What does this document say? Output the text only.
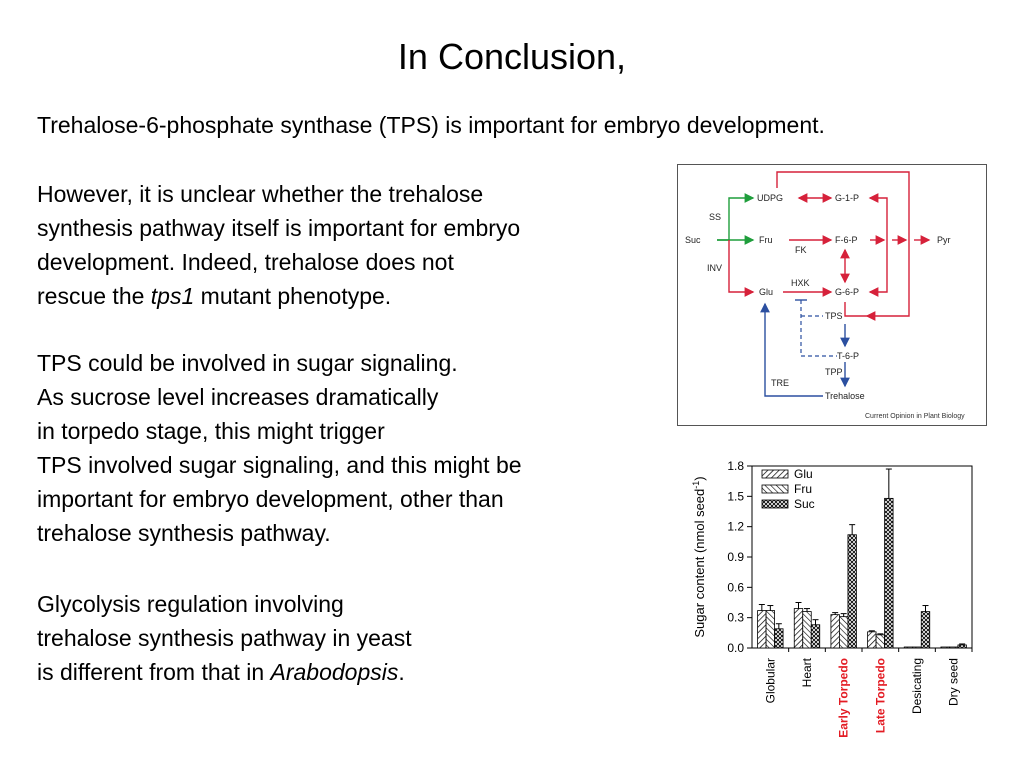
In Conclusion,

Trehalose-6-phosphate synthase (TPS) is important for embryo development.

However, it is unclear whether the trehalose
synthesis pathway itself is important for embryo
development. Indeed, trehalose does not
rescue the tps1 mutant phenotype.

TPS could be involved in sugar signaling.
As sucrose level increases dramatically
in torpedo stage, this might trigger
TPS involved sugar signaling, and this might be
important for embryo development, other than
trehalose synthesis pathway.

Glycolysis regulation involving
trehalose synthesis pathway in yeast
is different from that in Arabodopsis.

UDPG	G-1-P
SS
Suc	Fru	F-6-P	Pyr
FK
INV
HXK
Glu	G-6-P
TPS
T-6-P
TPP
TRE
Trehalose
Current Opinion in Plant Biology
0.0
0.3
0.6
0.9
1.2
1.5
1.8
Globular Heart Early Torpedo Late Torpedo Desicating Dry seed
Glu
Fru
Suc
Sugar content (nmol seed$^{-1}$)
